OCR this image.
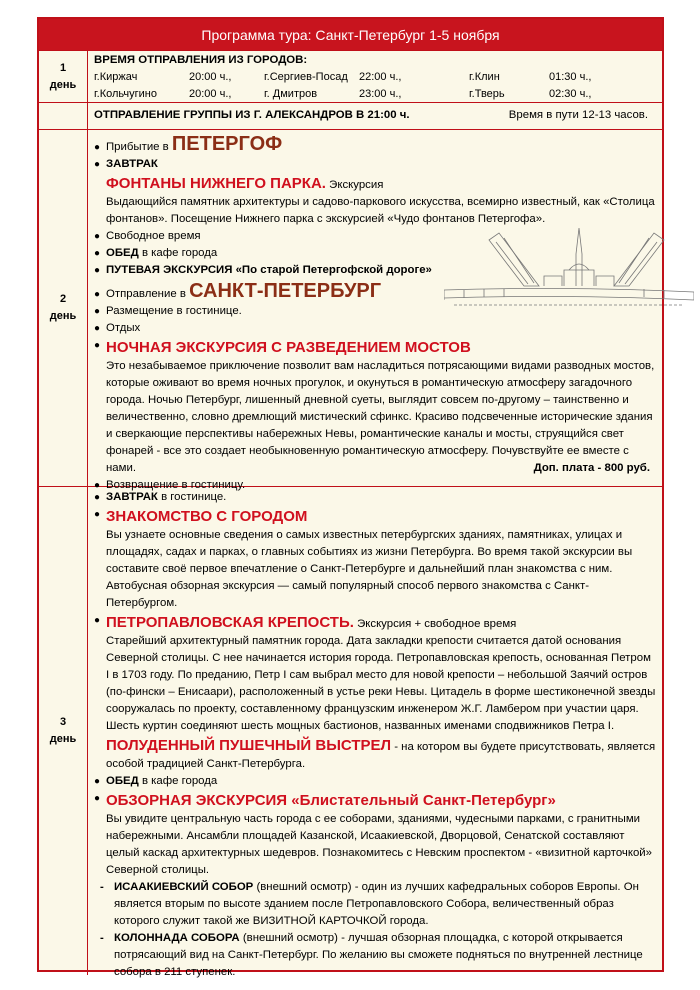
Программа тура: Санкт-Петербург 1-5 ноября
1
день
ВРЕМЯ ОТПРАВЛЕНИЯ ИЗ ГОРОДОВ:
г.Киржач	20:00 ч.,	г.Сергиев-Посад	22:00 ч.,	г.Клин	01:30 ч.,
г.Кольчугино	20:00 ч.,	г. Дмитров	23:00 ч.,	г.Тверь	02:30 ч.,
ОТПРАВЛЕНИЕ ГРУППЫ ИЗ Г. АЛЕКСАНДРОВ В 21:00 ч.	Время в пути 12-13 часов.
2
день
● Прибытие в
ПЕТЕРГОФ
● ЗАВТРАК
ФОНТАНЫ НИЖНЕГО ПАРКА. Экскурсия
Выдающийся памятник архитектуры и садово-паркового искусства, всемирно известный, как «Столица фонтанов». Посещение Нижнего парка с экскурсией «Чудо фонтанов Петергофа».
● Свободное время
● ОБЕД в кафе города
● ПУТЕВАЯ ЭКСКУРСИЯ «По старой Петергофской дороге»
● Отправление в
САНКТ-ПЕТЕРБУРГ
● Размещение в гостинице.
● Отдых
● НОЧНАЯ ЭКСКУРСИЯ С РАЗВЕДЕНИЕМ МОСТОВ
Это незабываемое приключение позволит вам насладиться потрясающими видами разводных мостов, которые оживают во время ночных прогулок, и окунуться в романтическую атмосферу загадочного города. Ночью Петербург, лишенный дневной суеты, выглядит совсем по-другому – таинственно и величественно, словно дремлющий мистический сфинкс. Красиво подсвеченные исторические здания и сверкающие перспективы набережных Невы, романтические каналы и мосты, струящийся свет фонарей - все это создает необыкновенную романтическую атмосферу. Почувствуйте ее вместе с нами.	Доп. плата - 800 руб.
● Возвращение в гостиницу.
3
день
● ЗАВТРАК в гостинице.
● ЗНАКОМСТВО С ГОРОДОМ
Вы узнаете основные сведения о самых известных петербургских зданиях, памятниках, улицах и площадях, садах и парках, о главных событиях из жизни Петербурга. Во время такой экскурсии вы составите своё первое впечатление о Санкт-Петербурге и дальнейший план знакомства с ним. Автобусная обзорная экскурсия — самый популярный способ первого знакомства с Санкт-Петербургом.
● ПЕТРОПАВЛОВСКАЯ КРЕПОСТЬ. Экскурсия + свободное время
Старейший архитектурный памятник города. Дата закладки крепости считается датой основания Северной столицы. С нее начинается история города. Петропавловская крепость, основанная Петром I в 1703 году. По преданию, Петр I сам выбрал место для новой крепости – небольшой Заячий остров (по-фински – Енисаари), расположенный в устье реки Невы. Цитадель в форме шестиконечной звезды сооружалась по проекту, составленному французским инженером Ж.Г. Ламбером при участии царя. Шесть куртин соединяют шесть мощных бастионов, названных именами сподвижников Петра I.
ПОЛУДЕННЫЙ ПУШЕЧНЫЙ ВЫСТРЕЛ - на котором вы будете присутствовать, является особой традицией Санкт-Петербурга.
● ОБЕД в кафе города
● ОБЗОРНАЯ ЭКСКУРСИЯ «Блистательный Санкт-Петербург»
Вы увидите центральную часть города с ее соборами, зданиями, чудесными парками, с гранитными набережными. Ансамбли площадей Казанской, Исаакиевской, Дворцовой, Сенатской составляют целый каскад архитектурных шедевров. Познакомитесь с Невским проспектом - «визитной карточкой» Северной столицы.
- ИСААКИЕВСКИЙ СОБОР (внешний осмотр) - один из лучших кафедральных соборов Европы. Он является вторым по высоте зданием после Петропавловского Собора, величественный образ которого служит такой же ВИЗИТНОЙ КАРТОЧКОЙ города.
- КОЛОННАДА СОБОРА (внешний осмотр) - лучшая обзорная площадка, с которой открывается потрясающий вид на Санкт-Петербург. По желанию вы сможете подняться по внутренней лестнице собора в 211 ступенек.
